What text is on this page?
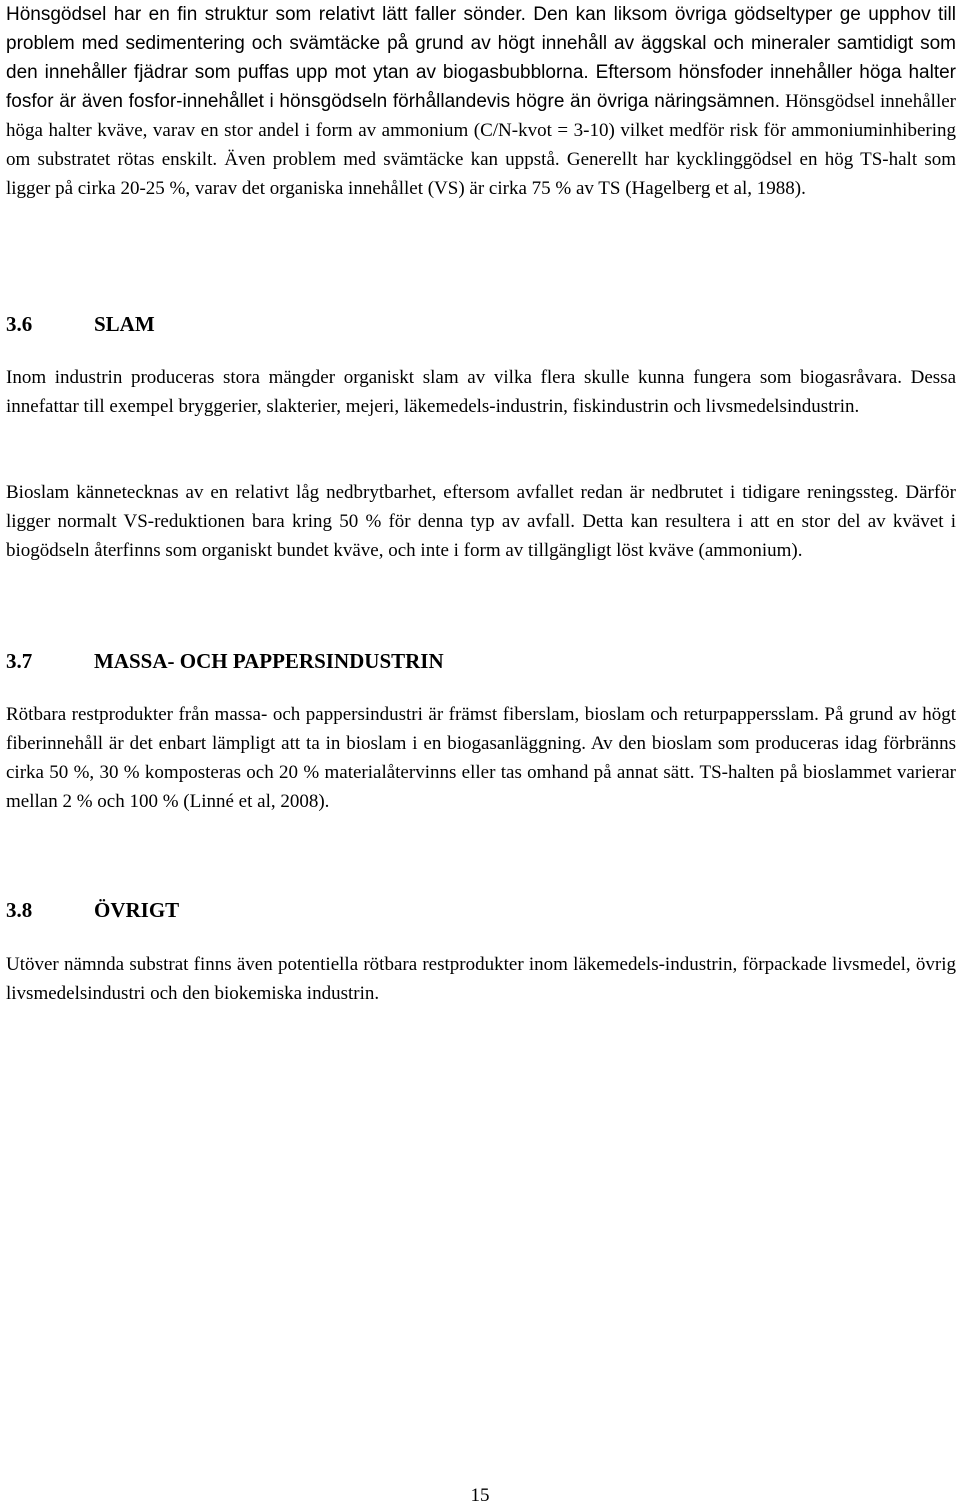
Hönsgödsel har en fin struktur som relativt lätt faller sönder. Den kan liksom övriga gödseltyper ge upphov till problem med sedimentering och svämtäcke på grund av högt innehåll av äggskal och mineraler samtidigt som den innehåller fjädrar som puffas upp mot ytan av biogasbubblorna. Eftersom hönsfoder innehåller höga halter fosfor är även fosfor-innehållet i hönsgödseln förhållandevis högre än övriga näringsämnen. Hönsgödsel innehåller höga halter kväve, varav en stor andel i form av ammonium (C/N-kvot = 3-10) vilket medför risk för ammoniuminhibering om substratet rötas enskilt. Även problem med svämtäcke kan uppstå. Generellt har kycklinggödsel en hög TS-halt som ligger på cirka 20-25 %, varav det organiska innehållet (VS) är cirka 75 % av TS (Hagelberg et al, 1988).
3.6	SLAM

Inom industrin produceras stora mängder organiskt slam av vilka flera skulle kunna fungera som biogasråvara. Dessa innefattar till exempel bryggerier, slakterier, mejeri, läkemedels-industrin, fiskindustrin och livsmedelsindustrin.

Bioslam kännetecknas av en relativt låg nedbrytbarhet, eftersom avfallet redan är nedbrutet i tidigare reningssteg. Därför ligger normalt VS-reduktionen bara kring 50 % för denna typ av avfall. Detta kan resultera i att en stor del av kvävet i biogödseln återfinns som organiskt bundet kväve, och inte i form av tillgängligt löst kväve (ammonium).

3.7	MASSA- OCH PAPPERSINDUSTRIN

Rötbara restprodukter från massa- och pappersindustri är främst fiberslam, bioslam och returpappersslam. På grund av högt fiberinnehåll är det enbart lämpligt att ta in bioslam i en biogasanläggning. Av den bioslam som produceras idag förbränns cirka 50 %, 30 % komposteras och 20 % materialåtervinns eller tas omhand på annat sätt. TS-halten på bioslammet varierar mellan 2 % och 100 % (Linné et al, 2008).

3.8	ÖVRIGT

Utöver nämnda substrat finns även potentiella rötbara restprodukter inom läkemedels-industrin, förpackade livsmedel, övrig livsmedelsindustri och den biokemiska industrin.

15
